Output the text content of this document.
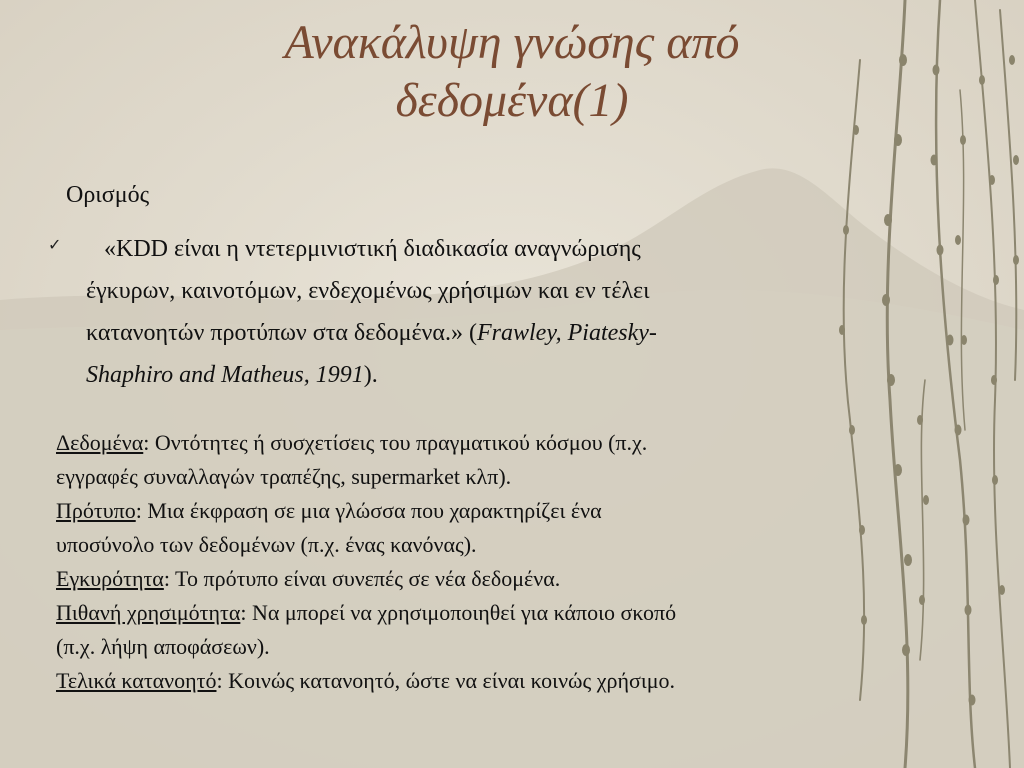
Ανακάλυψη γνώσης από
δεδομένα(1)
Ορισμός
✓	«KDD είναι η ντετερμινιστική διαδικασία αναγνώρισης
έγκυρων, καινοτόμων, ενδεχομένως χρήσιμων και εν τέλει
κατανοητών προτύπων στα δεδομένα.» (Frawley, Piatesky-
Shaphiro and Matheus, 1991).
Δεδομένα: Οντότητες ή συσχετίσεις του πραγματικού κόσμου (π.χ.
εγγραφές συναλλαγών τραπέζης, supermarket κλπ).
Πρότυπο: Μια έκφραση σε μια γλώσσα που χαρακτηρίζει ένα
υποσύνολο των δεδομένων (π.χ. ένας κανόνας).
Εγκυρότητα: Το πρότυπο είναι συνεπές σε νέα δεδομένα.
Πιθανή χρησιμότητα: Να μπορεί να χρησιμοποιηθεί για κάποιο σκοπό
(π.χ. λήψη αποφάσεων).
Τελικά κατανοητό: Κοινώς κατανοητό, ώστε να είναι κοινώς χρήσιμο.
